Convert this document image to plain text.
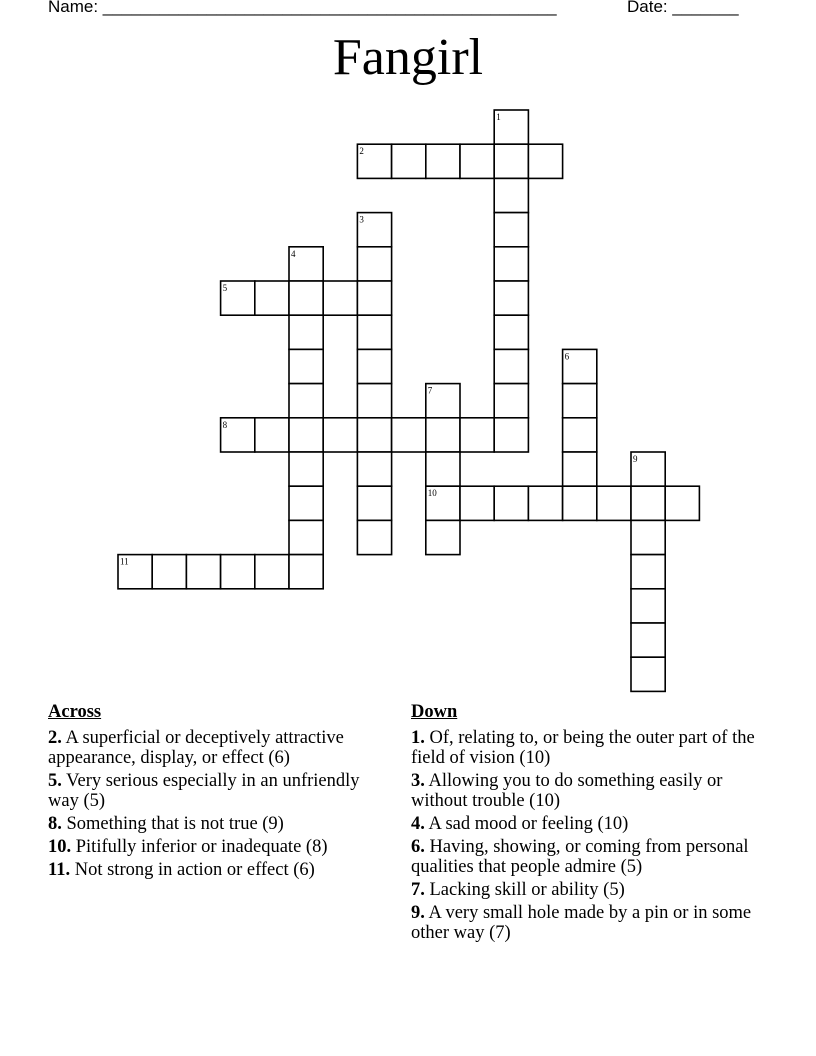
Name: ________________________________________________	Date: _______
Fangirl
1
2
3
4
5
6
7
8
9
10
11
Across
2. A superficial or deceptively attractive appearance, display, or effect (6)
5. Very serious especially in an unfriendly way (5)
8. Something that is not true (9)
10. Pitifully inferior or inadequate (8)
11. Not strong in action or effect (6)
Down
1. Of, relating to, or being the outer part of the field of vision (10)
3. Allowing you to do something easily or without trouble (10)
4. A sad mood or feeling (10)
6. Having, showing, or coming from personal qualities that people admire (5)
7. Lacking skill or ability (5)
9. A very small hole made by a pin or in some other way (7)
